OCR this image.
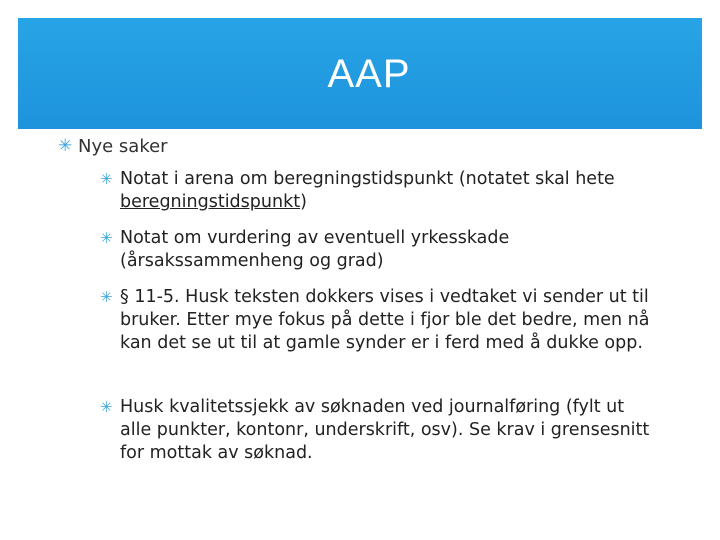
AAP
✳ Nye saker
✳ Notat i arena om beregningstidspunkt (notatet skal hete beregningstidspunkt)
✳ Notat om vurdering av eventuell yrkesskade (årsakssammenheng og grad)
✳ § 11-5. Husk teksten dokkers vises i vedtaket vi sender ut til bruker. Etter mye fokus på dette i fjor ble det bedre, men nå kan det se ut til at gamle synder er i ferd med å dukke opp.
✳ Husk kvalitetssjekk av søknaden ved journalføring (fylt ut alle punkter, kontonr, underskrift, osv). Se krav i grensesnitt for mottak av søknad.
